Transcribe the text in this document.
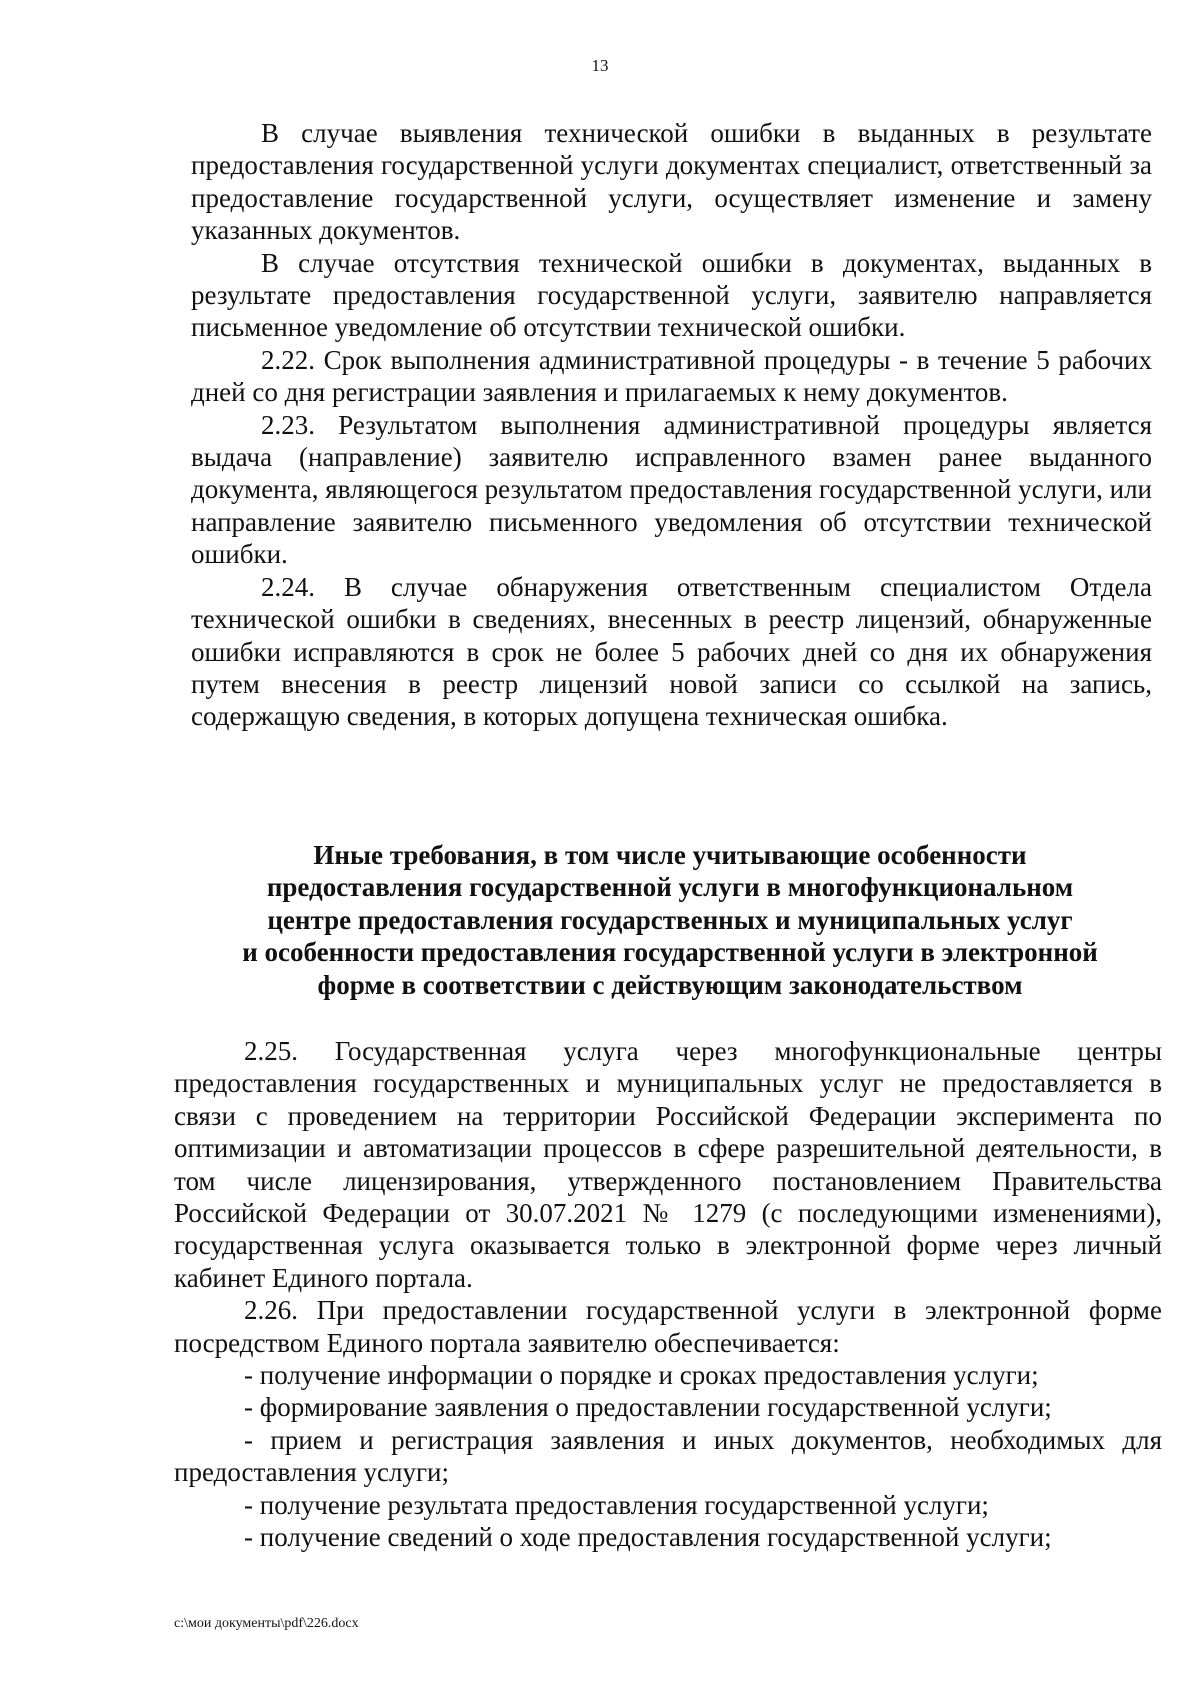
13

В случае выявления технической ошибки в выданных в результате предоставления государственной услуги документах специалист, ответственный за предоставление государственной услуги, осуществляет изменение и замену указанных документов.

В случае отсутствия технической ошибки в документах, выданных в результате предоставления государственной услуги, заявителю направляется письменное уведомление об отсутствии технической ошибки.

2.22. Срок выполнения административной процедуры - в течение 5 рабочих дней со дня регистрации заявления и прилагаемых к нему документов.

2.23. Результатом выполнения административной процедуры является выдача (направление) заявителю исправленного взамен ранее выданного документа, являющегося результатом предоставления государственной услуги, или направление заявителю письменного уведомления об отсутствии технической ошибки.

2.24. В случае обнаружения ответственным специалистом Отдела технической ошибки в сведениях, внесенных в реестр лицензий, обнаруженные ошибки исправляются в срок не более 5 рабочих дней со дня их обнаружения путем внесения в реестр лицензий новой записи со ссылкой на запись, содержащую сведения, в которых допущена техническая ошибка.

Иные требования, в том числе учитывающие особенности
предоставления государственной услуги в многофункциональном
центре предоставления государственных и муниципальных услуг
и особенности предоставления государственной услуги в электронной
форме в соответствии с действующим законодательством

2.25. Государственная услуга через многофункциональные центры предоставления государственных и муниципальных услуг не предоставляется в связи с проведением на территории Российской Федерации эксперимента по оптимизации и автоматизации процессов в сфере разрешительной деятельности, в том числе лицензирования, утвержденного постановлением Правительства Российской Федерации от 30.07.2021 № 1279 (с последующими изменениями), государственная услуга оказывается только в электронной форме через личный кабинет Единого портала.

2.26. При предоставлении государственной услуги в электронной форме посредством Единого портала заявителю обеспечивается:

- получение информации о порядке и сроках предоставления услуги;

- формирование заявления о предоставлении государственной услуги;

- прием и регистрация заявления и иных документов, необходимых для предоставления услуги;

- получение результата предоставления государственной услуги;

- получение сведений о ходе предоставления государственной услуги;

c:\мои документы\pdf\226.docx
